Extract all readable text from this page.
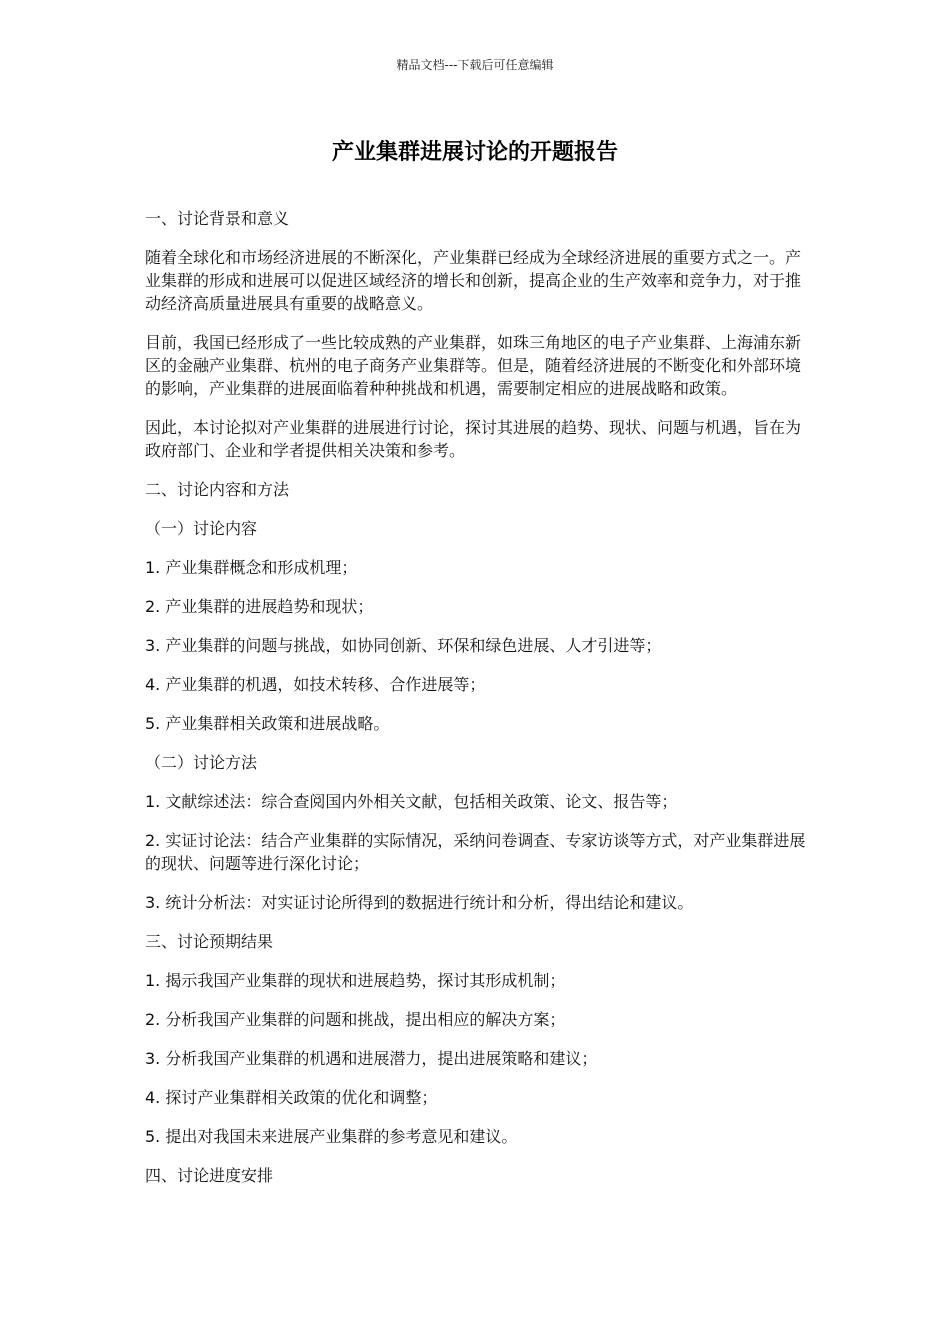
精品文档---下载后可任意编辑
产业集群进展讨论的开题报告

一、讨论背景和意义

随着全球化和市场经济进展的不断深化，产业集群已经成为全球经济进展的重要方式之一。产业集群的形成和进展可以促进区域经济的增长和创新，提高企业的生产效率和竞争力，对于推动经济高质量进展具有重要的战略意义。

目前，我国已经形成了一些比较成熟的产业集群，如珠三角地区的电子产业集群、上海浦东新区的金融产业集群、杭州的电子商务产业集群等。但是，随着经济进展的不断变化和外部环境的影响，产业集群的进展面临着种种挑战和机遇，需要制定相应的进展战略和政策。

因此，本讨论拟对产业集群的进展进行讨论，探讨其进展的趋势、现状、问题与机遇，旨在为政府部门、企业和学者提供相关决策和参考。

二、讨论内容和方法

（一）讨论内容

1. 产业集群概念和形成机理；

2. 产业集群的进展趋势和现状；

3. 产业集群的问题与挑战，如协同创新、环保和绿色进展、人才引进等；

4. 产业集群的机遇，如技术转移、合作进展等；

5. 产业集群相关政策和进展战略。

（二）讨论方法

1. 文献综述法：综合查阅国内外相关文献，包括相关政策、论文、报告等；

2. 实证讨论法：结合产业集群的实际情况，采纳问卷调查、专家访谈等方式，对产业集群进展的现状、问题等进行深化讨论；

3. 统计分析法：对实证讨论所得到的数据进行统计和分析，得出结论和建议。

三、讨论预期结果

1. 揭示我国产业集群的现状和进展趋势，探讨其形成机制；

2. 分析我国产业集群的问题和挑战，提出相应的解决方案；

3. 分析我国产业集群的机遇和进展潜力，提出进展策略和建议；

4. 探讨产业集群相关政策的优化和调整；

5. 提出对我国未来进展产业集群的参考意见和建议。

四、讨论进度安排
